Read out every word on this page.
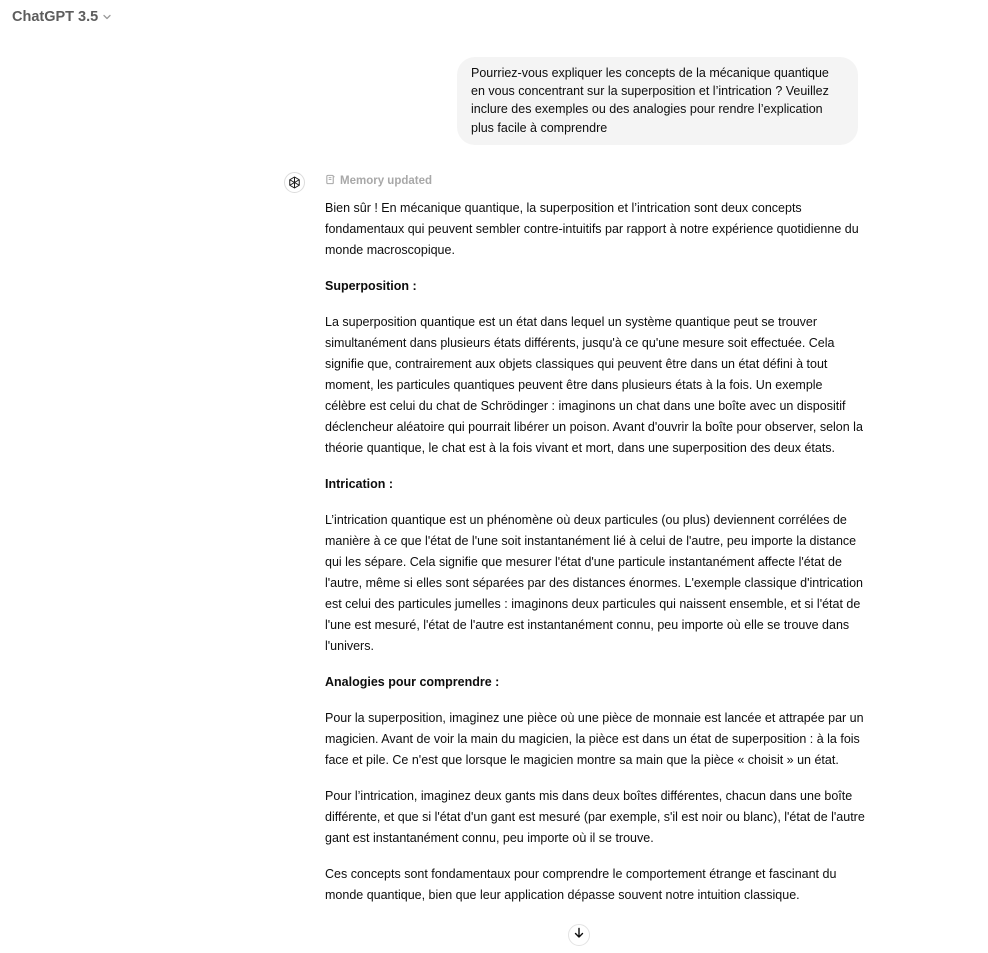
ChatGPT 3.5
Pourriez-vous expliquer les concepts de la mécanique quantique en vous concentrant sur la superposition et l’intrication ? Veuillez inclure des exemples ou des analogies pour rendre l’explication plus facile à comprendre
Memory updated

Bien sûr ! En mécanique quantique, la superposition et l’intrication sont deux concepts fondamentaux qui peuvent sembler contre-intuitifs par rapport à notre expérience quotidienne du monde macroscopique.

Superposition :

La superposition quantique est un état dans lequel un système quantique peut se trouver simultanément dans plusieurs états différents, jusqu'à ce qu'une mesure soit effectuée. Cela signifie que, contrairement aux objets classiques qui peuvent être dans un état défini à tout moment, les particules quantiques peuvent être dans plusieurs états à la fois. Un exemple célèbre est celui du chat de Schrödinger : imaginons un chat dans une boîte avec un dispositif déclencheur aléatoire qui pourrait libérer un poison. Avant d'ouvrir la boîte pour observer, selon la théorie quantique, le chat est à la fois vivant et mort, dans une superposition des deux états.

Intrication :

L’intrication quantique est un phénomène où deux particules (ou plus) deviennent corrélées de manière à ce que l'état de l'une soit instantanément lié à celui de l'autre, peu importe la distance qui les sépare. Cela signifie que mesurer l'état d'une particule instantanément affecte l'état de l'autre, même si elles sont séparées par des distances énormes. L'exemple classique d'intrication est celui des particules jumelles : imaginons deux particules qui naissent ensemble, et si l'état de l'une est mesuré, l'état de l'autre est instantanément connu, peu importe où elle se trouve dans l'univers.

Analogies pour comprendre :

Pour la superposition, imaginez une pièce où une pièce de monnaie est lancée et attrapée par un magicien. Avant de voir la main du magicien, la pièce est dans un état de superposition : à la fois face et pile. Ce n'est que lorsque le magicien montre sa main que la pièce « choisit » un état.

Pour l’intrication, imaginez deux gants mis dans deux boîtes différentes, chacun dans une boîte différente, et que si l'état d'un gant est mesuré (par exemple, s'il est noir ou blanc), l'état de l'autre gant est instantanément connu, peu importe où il se trouve.

Ces concepts sont fondamentaux pour comprendre le comportement étrange et fascinant du monde quantique, bien que leur application dépasse souvent notre intuition classique.
